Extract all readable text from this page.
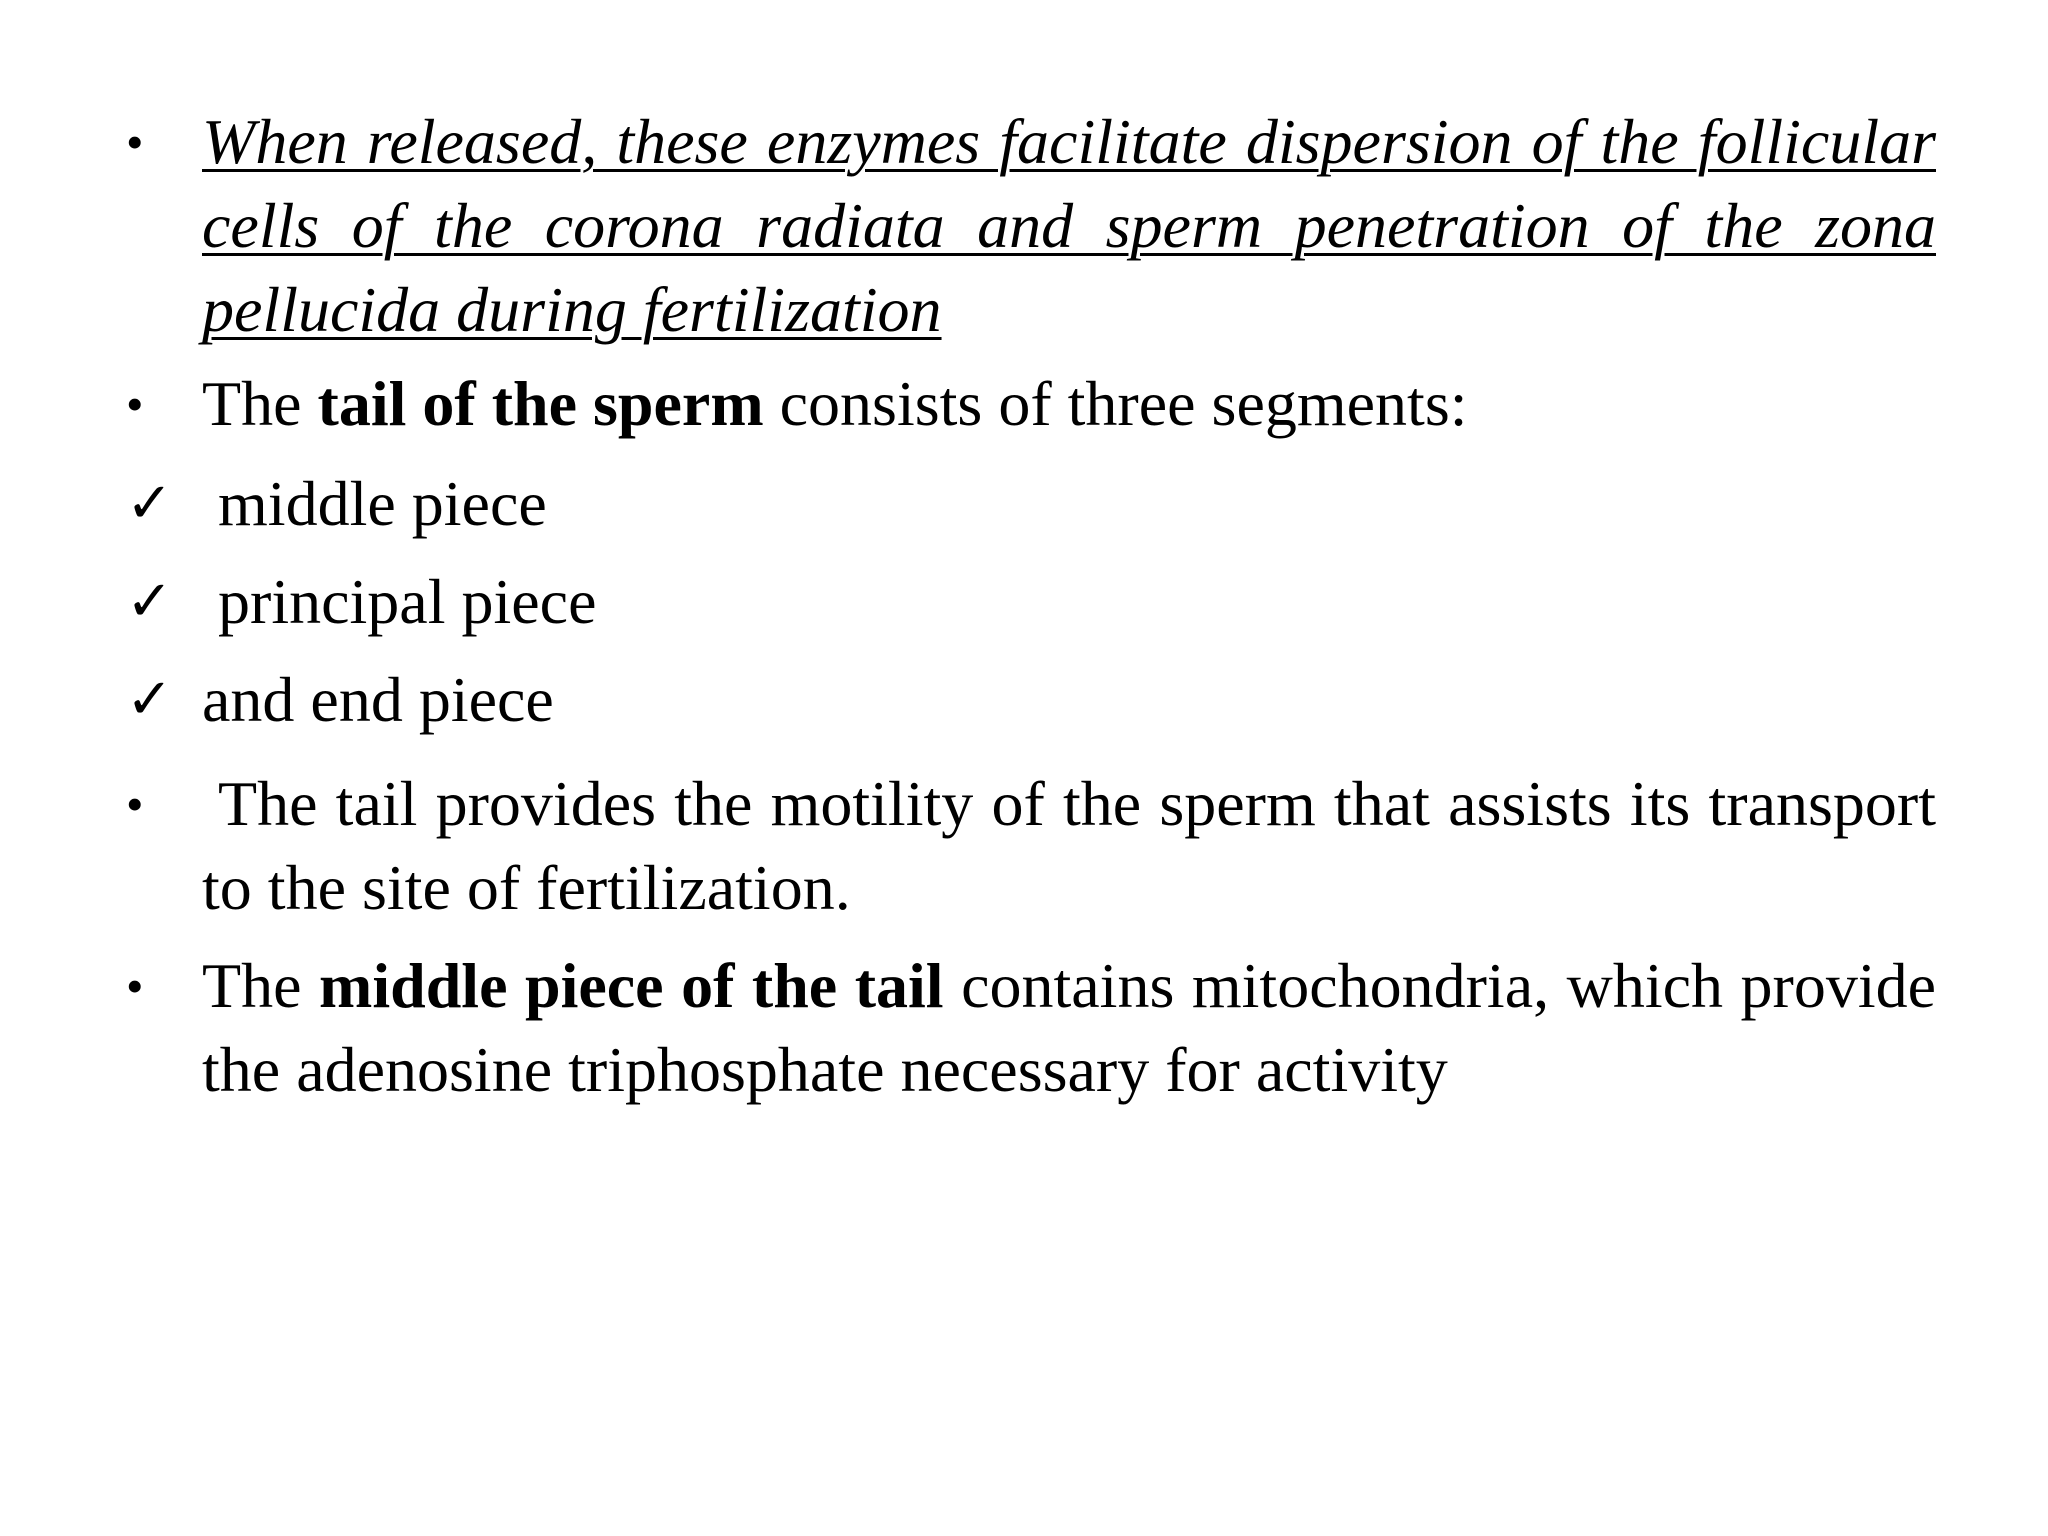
• When released, these enzymes facilitate dispersion of the follicular cells of the corona radiata and sperm penetration of the zona pellucida during fertilization
• The tail of the sperm consists of three segments:
✓ middle piece
✓ principal piece
✓ and end piece
•	The tail provides the motility of the sperm that assists its transport to the site of fertilization.
• The middle piece of the tail contains mitochondria, which provide the adenosine triphosphate necessary for activity
